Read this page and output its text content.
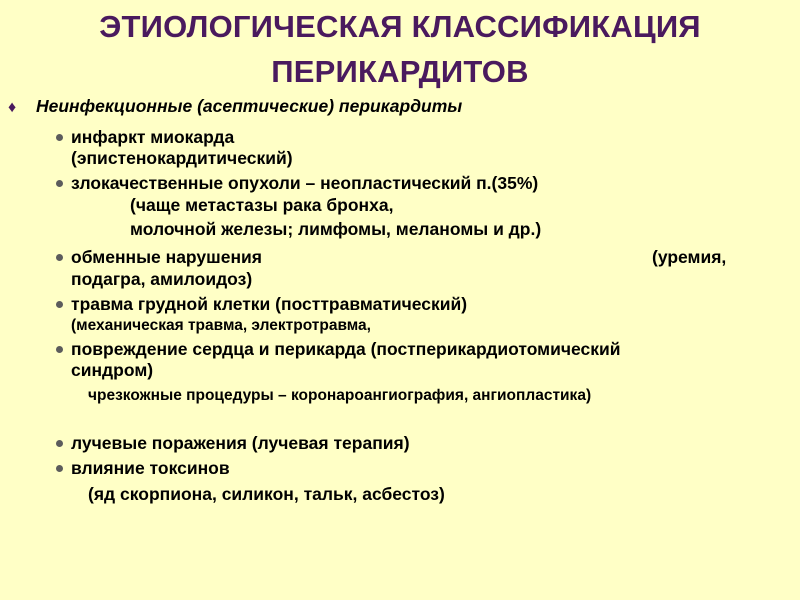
ЭТИОЛОГИЧЕСКАЯ КЛАССИФИКАЦИЯ
ПЕРИКАРДИТОВ
♦ Неинфекционные (асептические) перикардиты
инфаркт миокарда
(эпистенокардитический)
злокачественные опухоли – неопластический п.(35%)
(чаще метастазы рака бронха,
молочной железы; лимфомы, меланомы и др.)
обменные нарушения	(уремия,
подагра, амилоидоз)
травма грудной клетки (посттравматический)
(механическая травма, электротравма,
повреждение сердца и перикарда (постперикардиотомический
синдром)
чрезкожные процедуры – коронароангиография, ангиопластика)
лучевые поражения (лучевая терапия)
влияние токсинов
(яд скорпиона, силикон, тальк, асбестоз)
